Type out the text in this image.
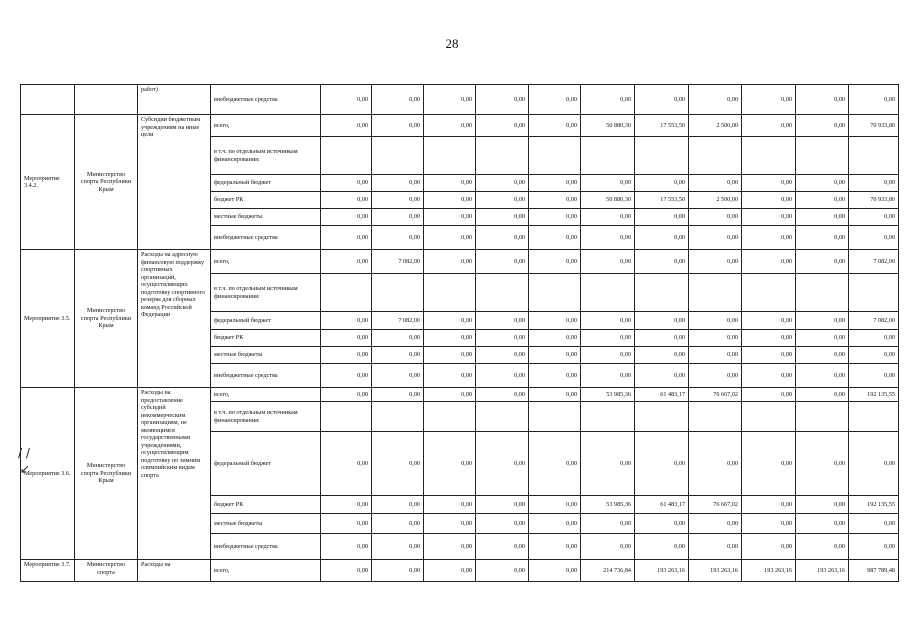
28
		работ)	внебюджетные средства	0,00	0,00	0,00	0,00	0,00	0,00	0,00	0,00	0,00	0,00	0,00
Мероприятие 3.4.2.	Министерство спорта Республики Крым	Субсидии бюджетным учреждениям на иные цели	всего,	0,00	0,00	0,00	0,00	0,00	50 880,30	17 553,50	2 500,00	0,00	0,00	70 933,80
			в т.ч. по отдельным источникам финансирования:											
			федеральный бюджет	0,00	0,00	0,00	0,00	0,00	0,00	0,00	0,00	0,00	0,00	0,00
			бюджет РК	0,00	0,00	0,00	0,00	0,00	50 880,30	17 553,50	2 500,00	0,00	0,00	70 933,80
			местные бюджеты	0,00	0,00	0,00	0,00	0,00	0,00	0,00	0,00	0,00	0,00	0,00
			внебюджетные средства	0,00	0,00	0,00	0,00	0,00	0,00	0,00	0,00	0,00	0,00	0,00
Мероприятие 3.5.	Министерство спорта Республики Крым	Расходы на адресную финансовую поддержку спортивных организаций, осуществляющих подготовку спортивного резерва для сборных команд Российской Федерации	всего,	0,00	7 082,00	0,00	0,00	0,00	0,00	0,00	0,00	0,00	0,00	7 082,00
			в т.ч. по отдельным источникам финансирования:											
			федеральный бюджет	0,00	7 082,00	0,00	0,00	0,00	0,00	0,00	0,00	0,00	0,00	7 082,00
			бюджет РК	0,00	0,00	0,00	0,00	0,00	0,00	0,00	0,00	0,00	0,00	0,00
			местные бюджеты	0,00	0,00	0,00	0,00	0,00	0,00	0,00	0,00	0,00	0,00	0,00
			внебюджетные средства	0,00	0,00	0,00	0,00	0,00	0,00	0,00	0,00	0,00	0,00	0,00
Мероприятие 3.6.	Министерство спорта Республики Крым	Расходы на предоставление субсидий некоммерческим организациям, не являющимся государственными учреждениями, осуществляющим подготовку по зимним олимпийским видам спорта	всего,	0,00	0,00	0,00	0,00	0,00	53 985,36	61 483,17	76 667,02	0,00	0,00	192 135,55
			в т.ч. по отдельным источникам финансирования:											
			федеральный бюджет	0,00	0,00	0,00	0,00	0,00	0,00	0,00	0,00	0,00	0,00	0,00
			бюджет РК	0,00	0,00	0,00	0,00	0,00	53 985,36	61 483,17	76 667,02	0,00	0,00	192 135,55
			местные бюджеты	0,00	0,00	0,00	0,00	0,00	0,00	0,00	0,00	0,00	0,00	0,00
			внебюджетные средства	0,00	0,00	0,00	0,00	0,00	0,00	0,00	0,00	0,00	0,00	0,00
Мероприятие 3.7.	Министерство спорта	Расходы на	всего,	0,00	0,00	0,00	0,00	0,00	214 736,84	193 263,16	193 263,16	193 263,16	193 263,16	987 789,48
/ /
↙
